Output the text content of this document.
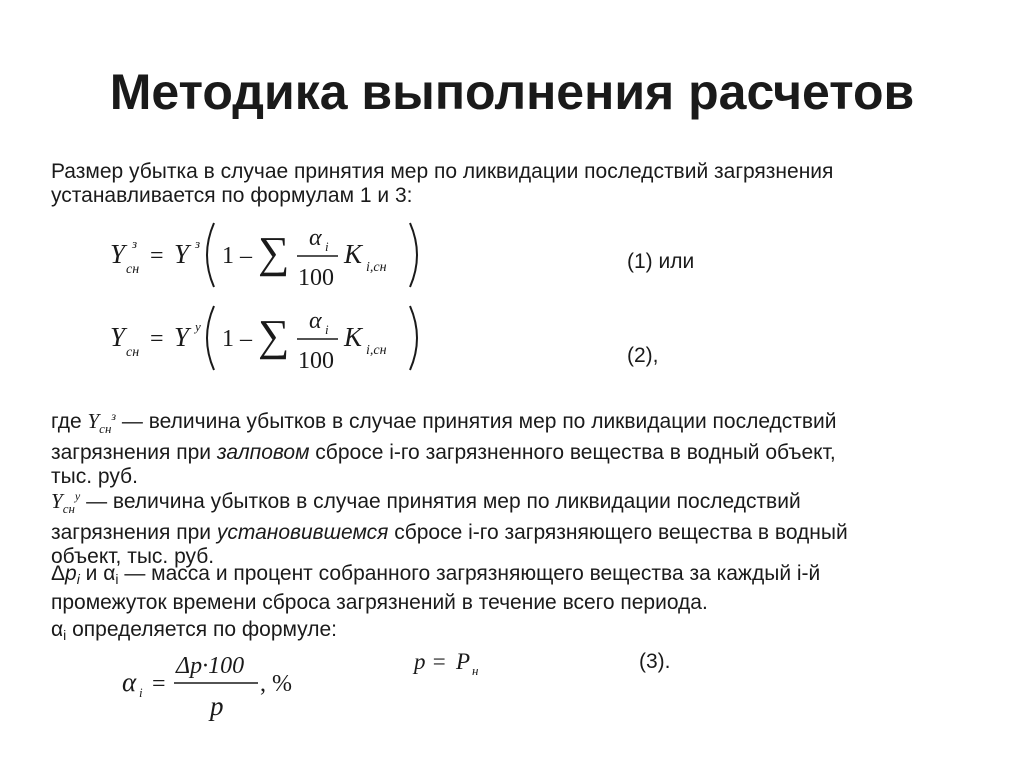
Методика выполнения расчетов
Размер убытка в случае принятия мер по ликвидации последствий загрязнения
устанавливается по формулам 1 и 3:
Y
сн
з = Y з 1 – ∑ α i
100
K i,сн	(1) или
Y
сн
= Y у 1 – ∑ α i
100
K i,сн	(2),
где $Y_{сн}^з$ — величина убытков в случае принятия мер по ликвидации последствий
загрязнения при залповом сбросе i-го загрязненного вещества в водный объект,
тыс. руб.
$Y_{сн}^у$ — величина убытков в случае принятия мер по ликвидации последствий
загрязнения при установившемся сбросе i-го загрязняющего вещества в водный
объект, тыс. руб.
$\Delta p_i$ и αi — масса и процент собранного загрязняющего вещества за каждый i-й
промежуток времени сброса загрязнений в течение всего периода.
αi определяется по формуле:
α i =
Δp·100
p
, %
p = P н	(3).
